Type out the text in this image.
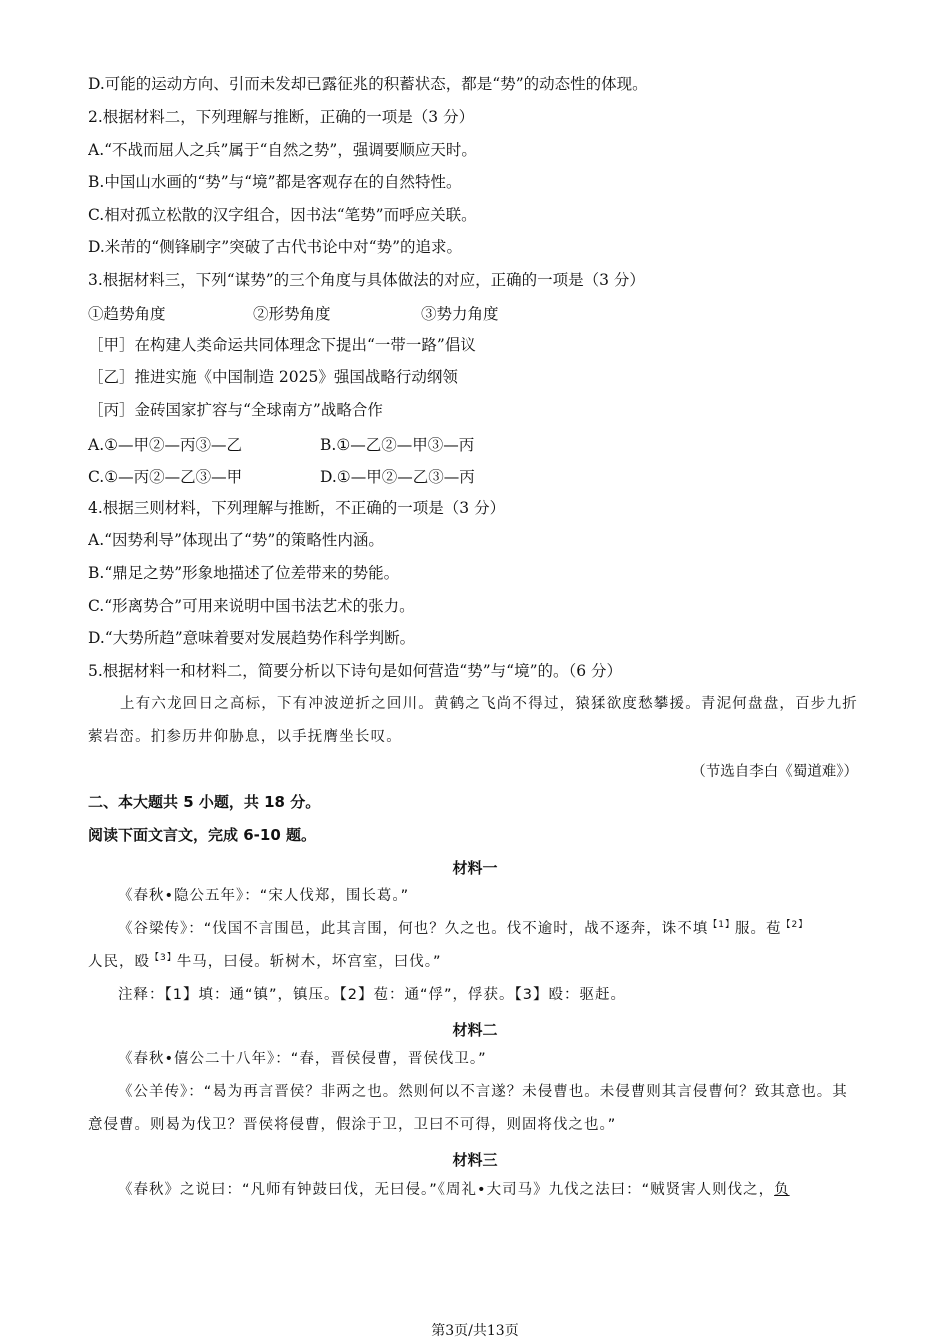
D.可能的运动方向、引而未发却已露征兆的积蓄状态，都是“势”的动态性的体现。
2.根据材料二，下列理解与推断，正确的一项是（3 分）
A.“不战而屈人之兵”属于“自然之势”，强调要顺应天时。
B.中国山水画的“势”与“境”都是客观存在的自然特性。
C.相对孤立松散的汉字组合，因书法“笔势”而呼应关联。
D.米芾的“侧锋刷字”突破了古代书论中对“势”的追求。
3.根据材料三，下列“谋势”的三个角度与具体做法的对应，正确的一项是（3 分）
①趋势角度	②形势角度	③势力角度
［甲］在构建人类命运共同体理念下提出“一带一路”倡议
［乙］推进实施《中国制造 2025》强国战略行动纲领
［丙］金砖国家扩容与“全球南方”战略合作
A.①—甲②—丙③—乙	B.①—乙②—甲③—丙
C.①—丙②—乙③—甲	D.①—甲②—乙③—丙
4.根据三则材料，下列理解与推断，不正确的一项是（3 分）
A.“因势利导”体现出了“势”的策略性内涵。
B.“鼎足之势”形象地描述了位差带来的势能。
C.“形离势合”可用来说明中国书法艺术的张力。
D.“大势所趋”意味着要对发展趋势作科学判断。
5.根据材料一和材料二，简要分析以下诗句是如何营造“势”与“境”的。（6 分）
上有六龙回日之高标，下有冲波逆折之回川。黄鹤之飞尚不得过，猿猱欲度愁攀援。青泥何盘盘，百步九折萦岩峦。扪参历井仰胁息，以手抚膺坐长叹。
（节选自李白《蜀道难》）
二、本大题共 5 小题，共 18 分。
阅读下面文言文，完成 6-10 题。
材料一
《春秋•隐公五年》：“宋人伐郑，围长葛。”
《谷梁传》：“伐国不言围邑，此其言围，何也？久之也。伐不逾时，战不逐奔，诛不填$^{【1】}$服。苞$^{【2】}$
人民，殴$^{【3】}$牛马，曰侵。斩树木，坏宫室，曰伐。”
注释：【1】填：通“镇”，镇压。【2】苞：通“俘”，俘获。【3】殴：驱赶。
材料二
《春秋•僖公二十八年》：“春，晋侯侵曹，晋侯伐卫。”
《公羊传》：“曷为再言晋侯？非两之也。然则何以不言遂？未侵曹也。未侵曹则其言侵曹何？致其意也。其意侵曹。则曷为伐卫？晋侯将侵曹，假涂于卫，卫曰不可得，则固将伐之也。”
材料三
《春秋》之说曰：“凡师有钟鼓曰伐，无曰侵。”《周礼•大司马》九伐之法曰：“贼贤害人则伐之，负
第3页/共13页
